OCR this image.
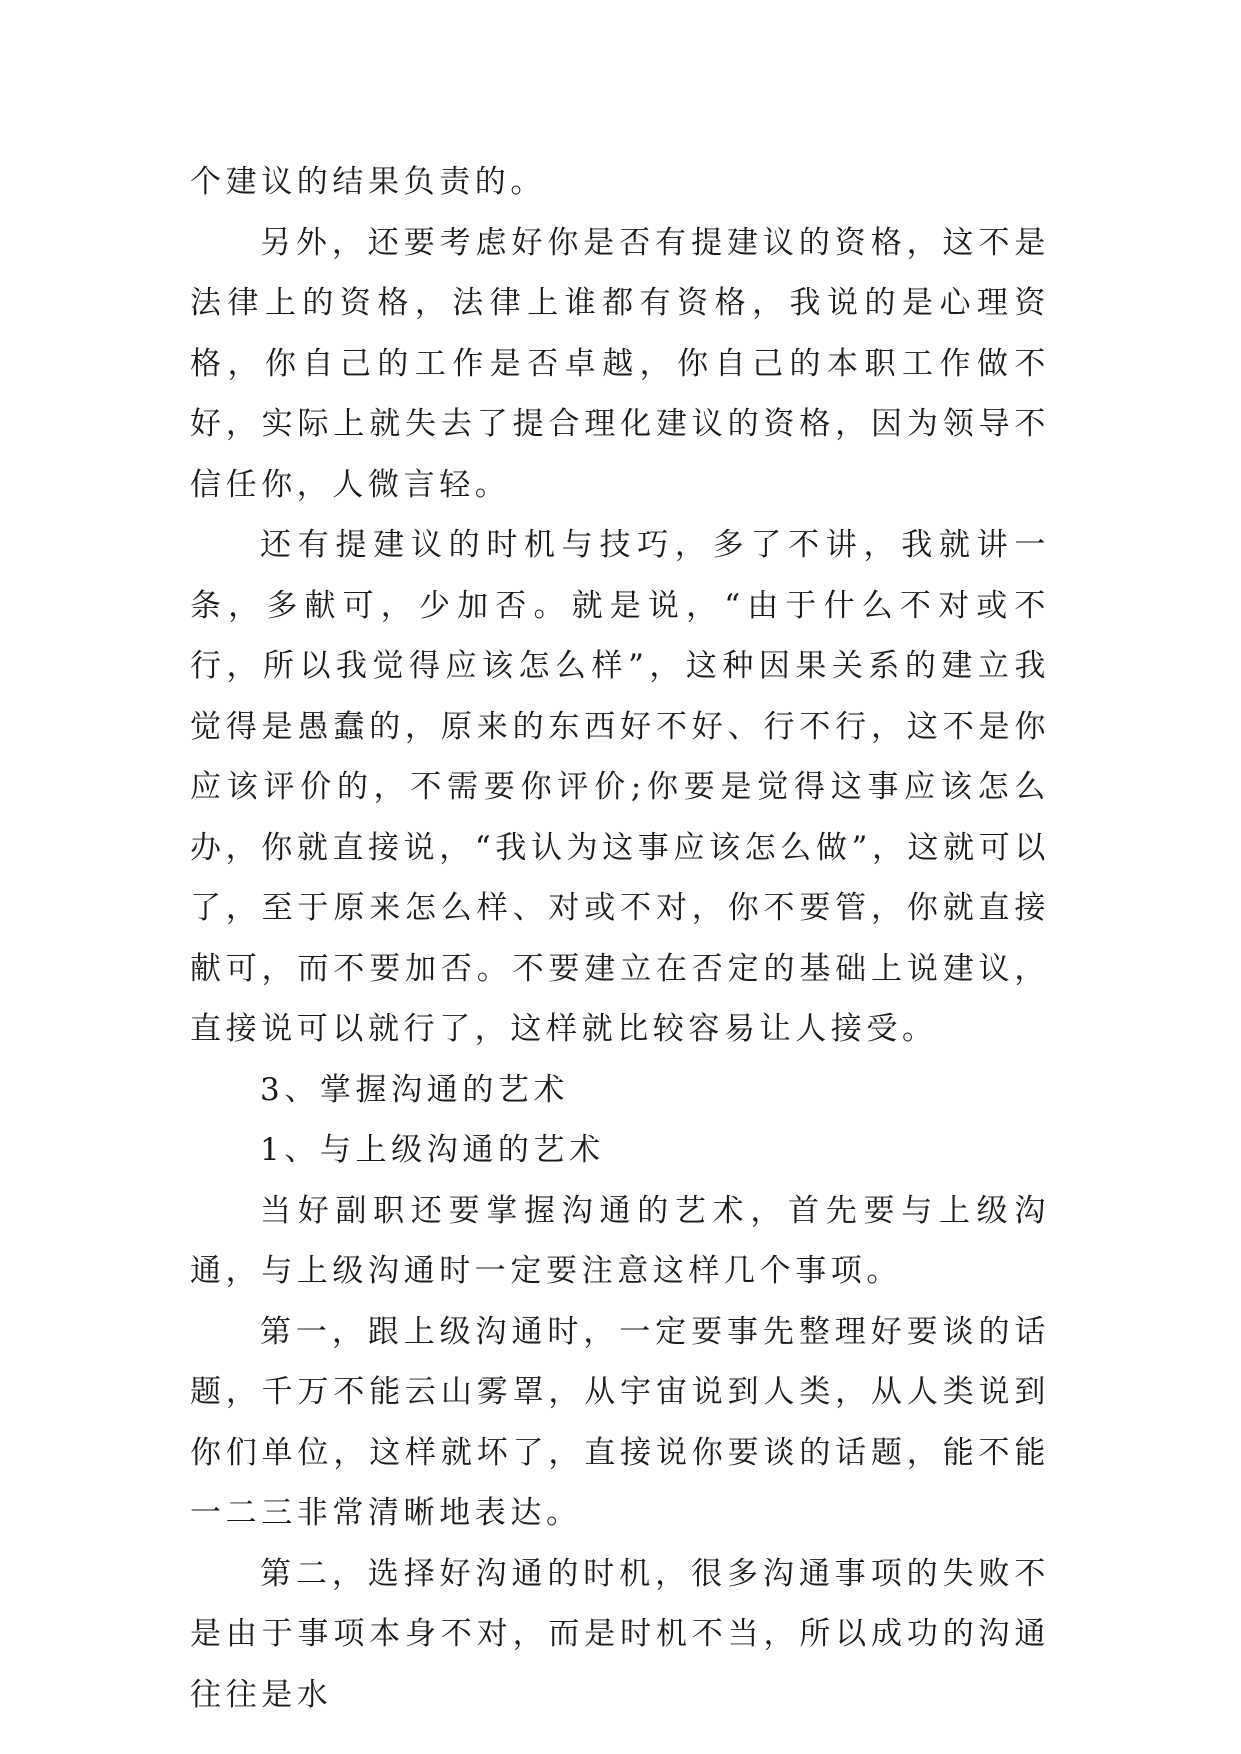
个建议的结果负责的。

另外，还要考虑好你是否有提建议的资格，这不是法律上的资格，法律上谁都有资格，我说的是心理资格，你自己的工作是否卓越，你自己的本职工作做不好，实际上就失去了提合理化建议的资格，因为领导不信任你，人微言轻。

还有提建议的时机与技巧，多了不讲，我就讲一条，多献可，少加否。就是说，“由于什么不对或不行，所以我觉得应该怎么样”，这种因果关系的建立我觉得是愚蠢的，原来的东西好不好、行不行，这不是你应该评价的，不需要你评价;你要是觉得这事应该怎么办，你就直接说，“我认为这事应该怎么做”，这就可以了，至于原来怎么样、对或不对，你不要管，你就直接献可，而不要加否。不要建立在否定的基础上说建议，直接说可以就行了，这样就比较容易让人接受。

3、掌握沟通的艺术

1、与上级沟通的艺术

当好副职还要掌握沟通的艺术，首先要与上级沟通，与上级沟通时一定要注意这样几个事项。

第一，跟上级沟通时，一定要事先整理好要谈的话题，千万不能云山雾罩，从宇宙说到人类，从人类说到你们单位，这样就坏了，直接说你要谈的话题，能不能一二三非常清晰地表达。

第二，选择好沟通的时机，很多沟通事项的失败不是由于事项本身不对，而是时机不当，所以成功的沟通往往是水
